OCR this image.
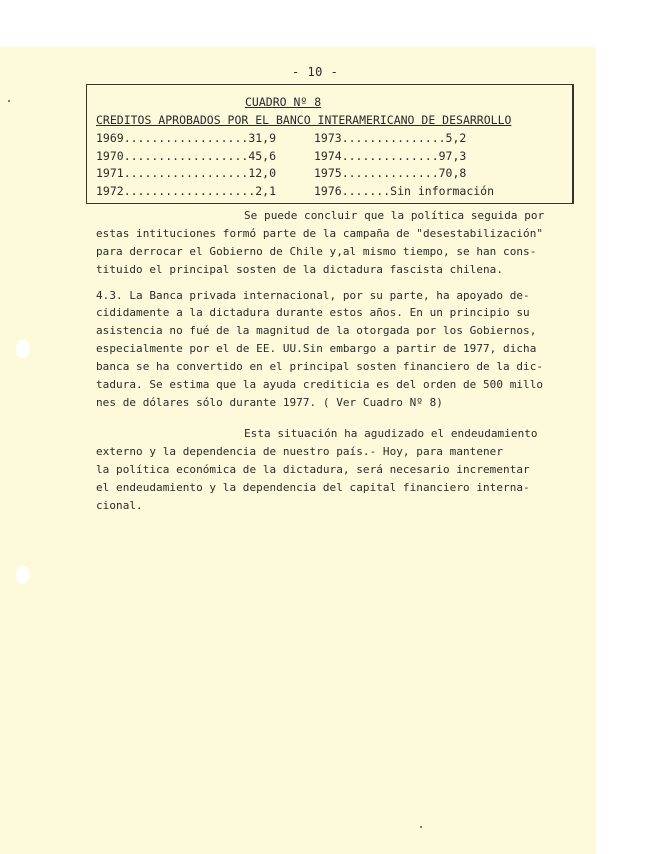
- 10 -
CUADRO Nº 8
CREDITOS APROBADOS POR EL BANCO INTERAMERICANO DE DESARROLLO
1969..................31,9	1973...............5,2
1970..................45,6	1974..............97,3
1971..................12,0	1975..............70,8
1972...................2,1	1976.......Sin información
Se puede concluir que la política seguida por
estas intituciones formó parte de la campaña de "desestabilización"
para derrocar el Gobierno de Chile y,al mismo tiempo, se han cons-
tituido el principal sosten de la dictadura fascista chilena.
4.3. La Banca privada internacional, por su parte, ha apoyado de-
cididamente a la dictadura durante estos años. En un principio su
asistencia no fué de la magnitud de la otorgada por los Gobiernos,
especialmente por el de EE. UU.Sin embargo a partir de 1977, dicha
banca se ha convertido en el principal sosten financiero de la dic-
tadura. Se estima que la ayuda crediticia es del orden de 500 millo
nes de dólares sólo durante 1977. ( Ver Cuadro Nº 8)
Esta situación ha agudizado el endeudamiento
externo y la dependencia de nuestro país.- Hoy, para mantener
la política económica de la dictadura, será necesario incrementar
el endeudamiento y la dependencia del capital financiero interna-
cional.
